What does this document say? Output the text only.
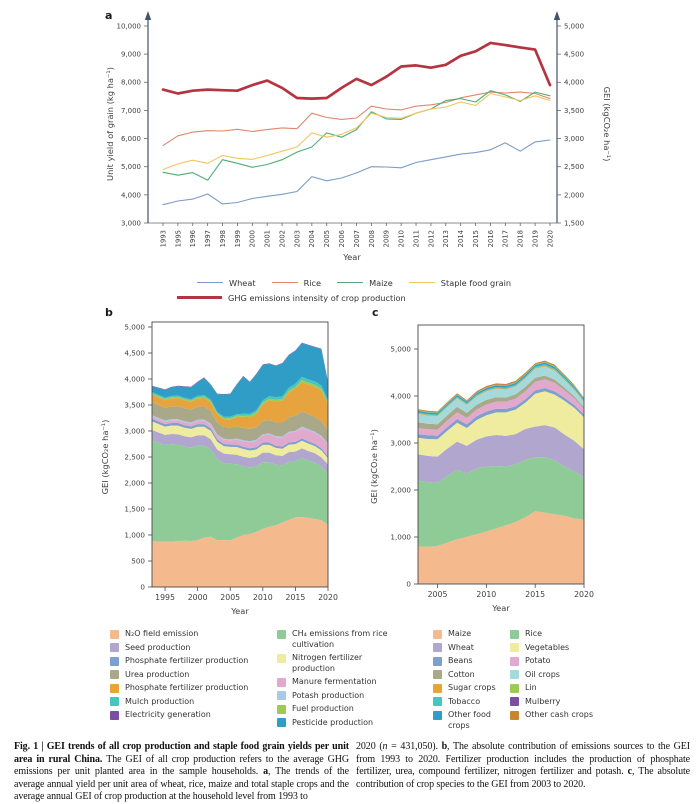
a
3,000
4,000
5,000
6,000
7,000
8,000
9,000
10,000
1,500
2,000
2,500
3,000
3,500
4,000
4,500
5,000
1993 1995 1996 1997 1998 1999 2000 2001 2002 2003 2004 2005 2006 2007 2008 2009 2010 2011 2012 2013 2014 2015 2016 2017 2018 2019 2020
Unit yield of grain (kg ha⁻¹)	GEI (kgCO₂e ha⁻¹)
Year
Wheat	Rice	Maize	Staple food grain
GHG emissions intensity of crop production
b	c
0
500
1,000
1,500
2,000
2,500
3,000
3,500
4,000
4,500
5,000
1995 2000 2005 2010 2015 2020
GEI (kgCO₂e ha⁻¹)
Year
0
1,000
2,000
3,000
4,000
5,000
2005	2010	2015	2020
GEI (kgCO₂e ha⁻¹)
Year
N₂O field emission
Seed production
Phosphate fertilizer production
Urea production
Phosphate fertilizer production
Mulch production
Electricity generation
CH₄ emissions from rice cultivation
Nitrogen fertilizer production
Manure fermentation
Potash production
Fuel production
Pesticide production
Maize
Wheat
Beans
Cotton
Sugar crops
Tobacco
Other food crops
Rice
Vegetables
Potato
Oil crops
Lin
Mulberry
Other cash crops
Fig. 1 | GEI trends of all crop production and staple food grain yields per unit area in rural China. The GEI of all crop production refers to the average GHG emissions per unit planted area in the sample households. a, The trends of the average annual yield per unit area of wheat, rice, maize and total staple crops and the average annual GEI of crop production at the household level from 1993 to
2020 (n = 431,050). b, The absolute contribution of emissions sources to the GEI from 1993 to 2020. Fertilizer production includes the production of phosphate fertilizer, urea, compound fertilizer, nitrogen fertilizer and potash. c, The absolute contribution of crop species to the GEI from 2003 to 2020.
